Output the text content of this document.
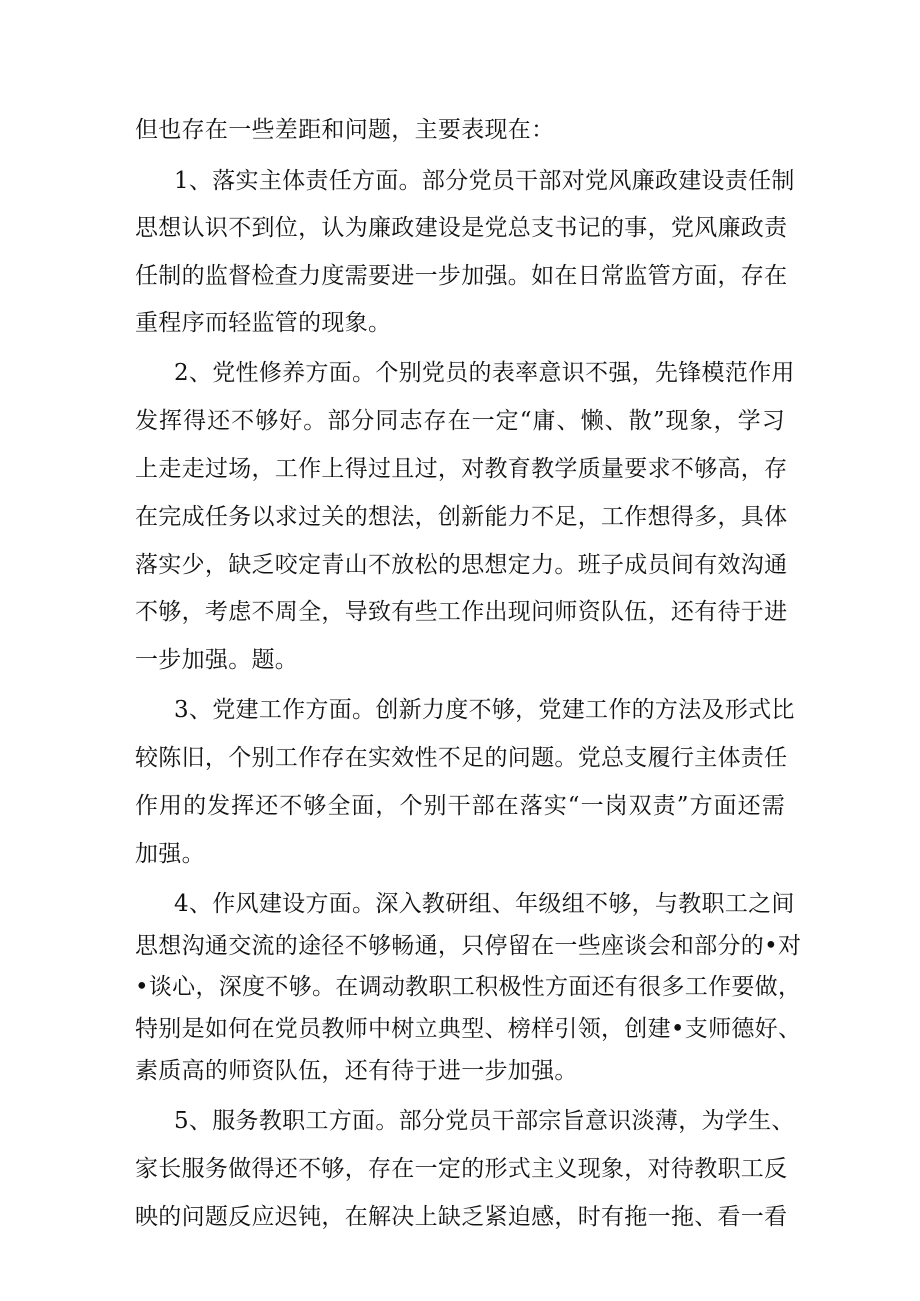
但也存在一些差距和问题，主要表现在：
1、落实主体责任方面。部分党员干部对党风廉政建设责任制
思想认识不到位，认为廉政建设是党总支书记的事，党风廉政责
任制的监督检查力度需要进一步加强。如在日常监管方面，存在
重程序而轻监管的现象。
2、党性修养方面。个别党员的表率意识不强，先锋模范作用
发挥得还不够好。部分同志存在一定“庸、懒、散”现象，学习
上走走过场，工作上得过且过，对教育教学质量要求不够高，存
在完成任务以求过关的想法，创新能力不足，工作想得多，具体
落实少，缺乏咬定青山不放松的思想定力。班子成员间有效沟通
不够，考虑不周全，导致有些工作出现问师资队伍，还有待于进
一步加强。题。
3、党建工作方面。创新力度不够，党建工作的方法及形式比
较陈旧，个别工作存在实效性不足的问题。党总支履行主体责任
作用的发挥还不够全面，个别干部在落实“一岗双责”方面还需
加强。
4、作风建设方面。深入教研组、年级组不够，与教职工之间
思想沟通交流的途径不够畅通，只停留在一些座谈会和部分的•对
•谈心，深度不够。在调动教职工积极性方面还有很多工作要做，
特别是如何在党员教师中树立典型、榜样引领，创建•支师德好、
素质高的师资队伍，还有待于进一步加强。
5、服务教职工方面。部分党员干部宗旨意识淡薄，为学生、
家长服务做得还不够，存在一定的形式主义现象，对待教职工反
映的问题反应迟钝，在解决上缺乏紧迫感，时有拖一拖、看一看
